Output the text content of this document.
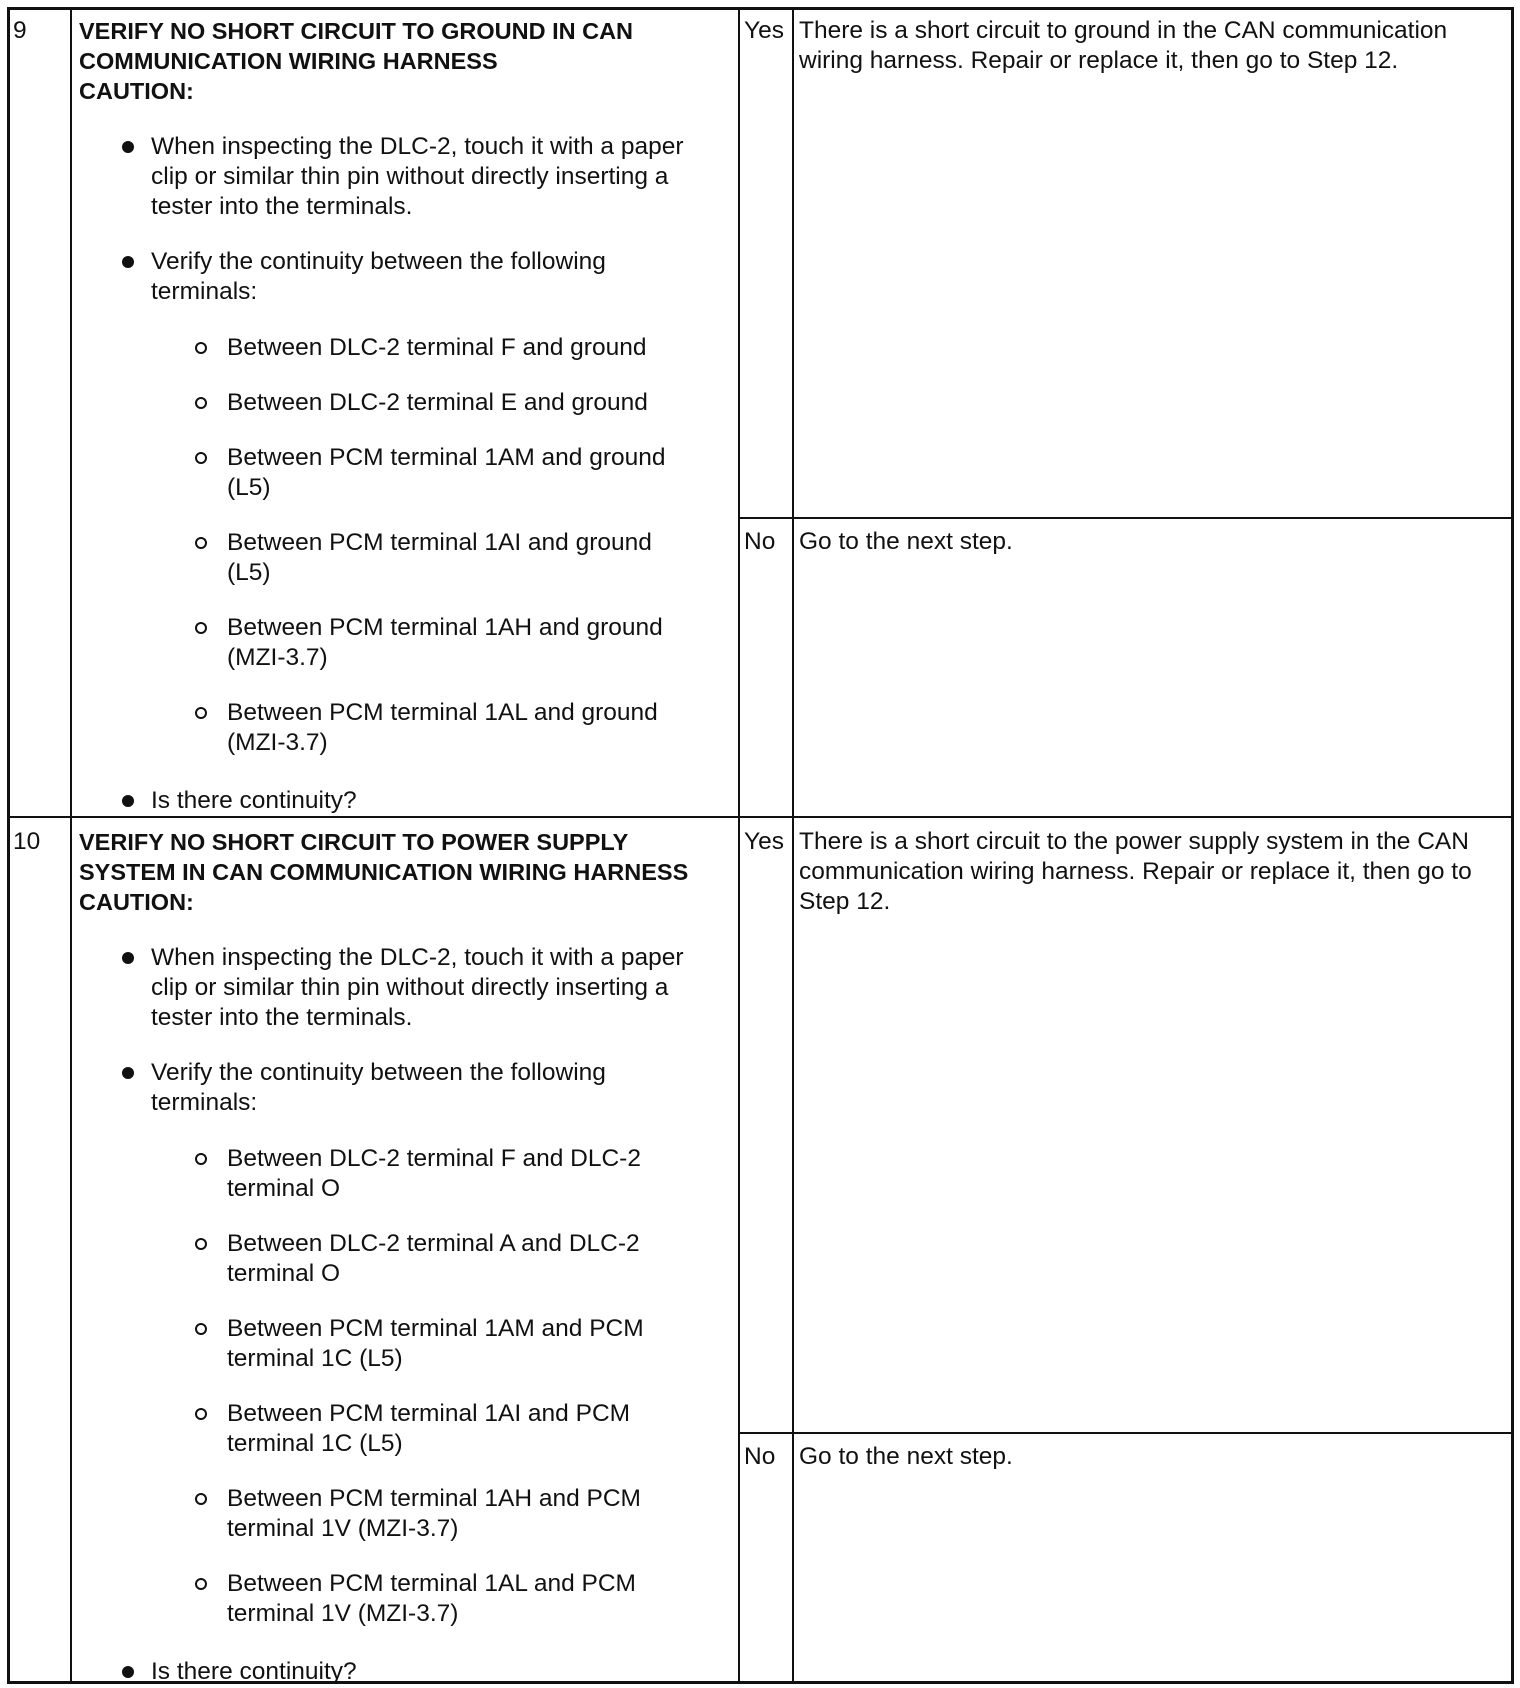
9 VERIFY NO SHORT CIRCUIT TO GROUND IN CAN
COMMUNICATION WIRING HARNESS
CAUTION:
When inspecting the DLC-2, touch it with a paper clip or similar thin pin without directly inserting a tester into the terminals.
Verify the continuity between the following terminals:
Between DLC-2 terminal F and ground
Between DLC-2 terminal E and ground
Between PCM terminal 1AM and ground (L5)
Between PCM terminal 1AI and ground (L5)
Between PCM terminal 1AH and ground (MZI-3.7)
Between PCM terminal 1AL and ground (MZI-3.7)
Is there continuity?
Yes There is a short circuit to ground in the CAN communication wiring harness. Repair or replace it, then go to Step 12.
No Go to the next step.
10 VERIFY NO SHORT CIRCUIT TO POWER SUPPLY
SYSTEM IN CAN COMMUNICATION WIRING HARNESS
CAUTION:
When inspecting the DLC-2, touch it with a paper clip or similar thin pin without directly inserting a tester into the terminals.
Verify the continuity between the following terminals:
Between DLC-2 terminal F and DLC-2 terminal O
Between DLC-2 terminal A and DLC-2 terminal O
Between PCM terminal 1AM and PCM terminal 1C (L5)
Between PCM terminal 1AI and PCM terminal 1C (L5)
Between PCM terminal 1AH and PCM terminal 1V (MZI-3.7)
Between PCM terminal 1AL and PCM terminal 1V (MZI-3.7)
Is there continuity?
Yes There is a short circuit to the power supply system in the CAN communication wiring harness. Repair or replace it, then go to Step 12.
No Go to the next step.
